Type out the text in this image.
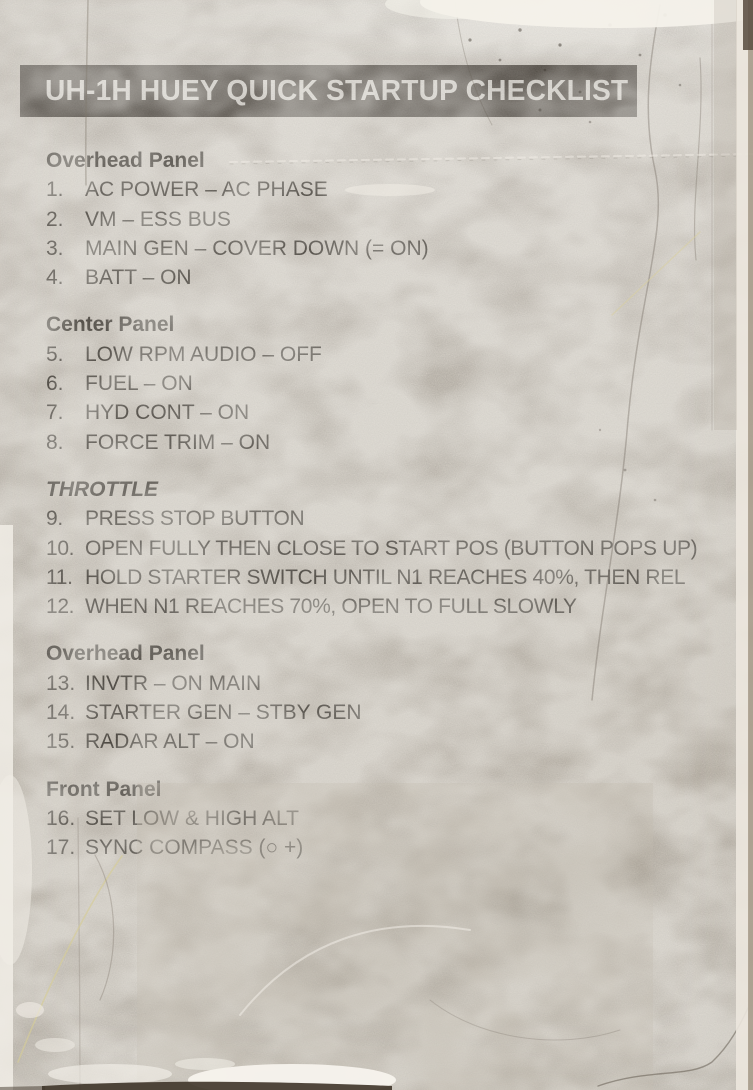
UH-1H HUEY QUICK STARTUP CHECKLIST
Overhead Panel
1.	AC POWER – AC PHASE
2.	VM – ESS BUS
3.	MAIN GEN – COVER DOWN (= ON)
4.	BATT – ON
Center Panel
5.	LOW RPM AUDIO – OFF
6.	FUEL – ON
7.	HYD CONT – ON
8.	FORCE TRIM – ON
THROTTLE
9.	PRESS STOP BUTTON
10. OPEN FULLY THEN CLOSE TO START POS (BUTTON POPS UP)
11. HOLD STARTER SWITCH UNTIL N1 REACHES 40%, THEN REL
12. WHEN N1 REACHES 70%, OPEN TO FULL SLOWLY
Overhead Panel
13. INVTR – ON MAIN
14. STARTER GEN – STBY GEN
15. RADAR ALT – ON
Front Panel
16. SET LOW & HIGH ALT
17. SYNC COMPASS (○ +)
